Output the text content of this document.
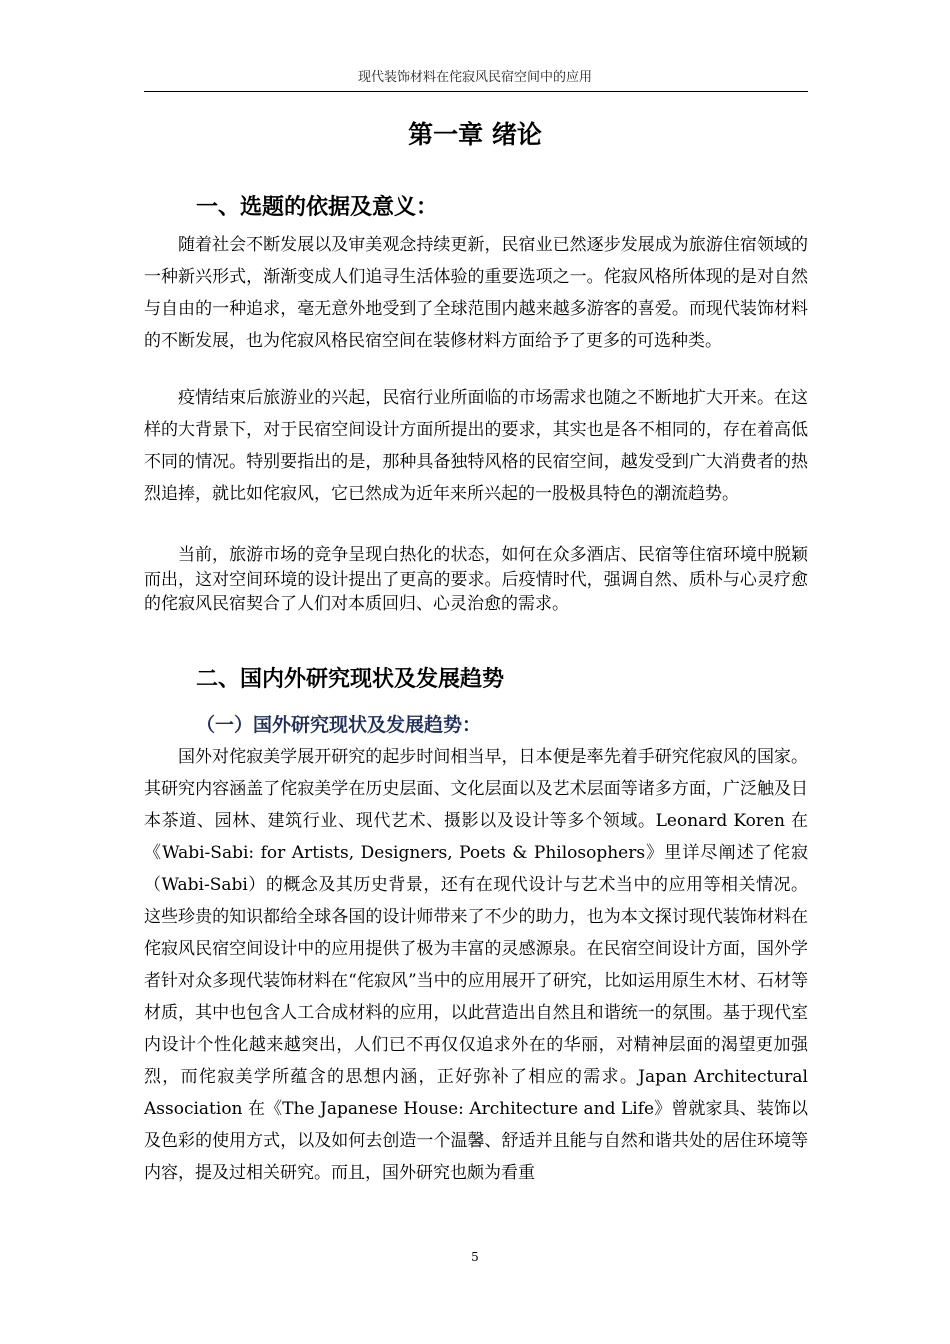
现代装饰材料在侘寂风民宿空间中的应用
第一章 绪论
一、选题的依据及意义：

随着社会不断发展以及审美观念持续更新，民宿业已然逐步发展成为旅游住宿领域的一种新兴形式，渐渐变成人们追寻生活体验的重要选项之一。侘寂风格所体现的是对自然与自由的一种追求，毫无意外地受到了全球范围内越来越多游客的喜爱。而现代装饰材料的不断发展，也为侘寂风格民宿空间在装修材料方面给予了更多的可选种类。

疫情结束后旅游业的兴起，民宿行业所面临的市场需求也随之不断地扩大开来。在这样的大背景下，对于民宿空间设计方面所提出的要求，其实也是各不相同的，存在着高低不同的情况。特别要指出的是，那种具备独特风格的民宿空间，越发受到广大消费者的热烈追捧，就比如侘寂风，它已然成为近年来所兴起的一股极具特色的潮流趋势。

当前，旅游市场的竞争呈现白热化的状态，如何在众多酒店、民宿等住宿环境中脱颖而出，这对空间环境的设计提出了更高的要求。后疫情时代，强调自然、质朴与心灵疗愈的侘寂风民宿契合了人们对本质回归、心灵治愈的需求。

二、国内外研究现状及发展趋势
（一）国外研究现状及发展趋势：

国外对侘寂美学展开研究的起步时间相当早，日本便是率先着手研究侘寂风的国家。其研究内容涵盖了侘寂美学在历史层面、文化层面以及艺术层面等诸多方面，广泛触及日本茶道、园林、建筑行业、现代艺术、摄影以及设计等多个领域。Leonard Koren 在《Wabi-Sabi: for Artists, Designers, Poets & Philosophers》里详尽阐述了侘寂（Wabi-Sabi）的概念及其历史背景，还有在现代设计与艺术当中的应用等相关情况。这些珍贵的知识都给全球各国的设计师带来了不少的助力，也为本文探讨现代装饰材料在侘寂风民宿空间设计中的应用提供了极为丰富的灵感源泉。在民宿空间设计方面，国外学者针对众多现代装饰材料在“侘寂风”当中的应用展开了研究，比如运用原生木材、石材等材质，其中也包含人工合成材料的应用，以此营造出自然且和谐统一的氛围。基于现代室内设计个性化越来越突出，人们已不再仅仅追求外在的华丽，对精神层面的渴望更加强烈，而侘寂美学所蕴含的思想内涵，正好弥补了相应的需求。Japan Architectural Association 在《The Japanese House: Architecture and Life》曾就家具、装饰以及色彩的使用方式，以及如何去创造一个温馨、舒适并且能与自然和谐共处的居住环境等内容，提及过相关研究。而且，国外研究也颇为看重

5
